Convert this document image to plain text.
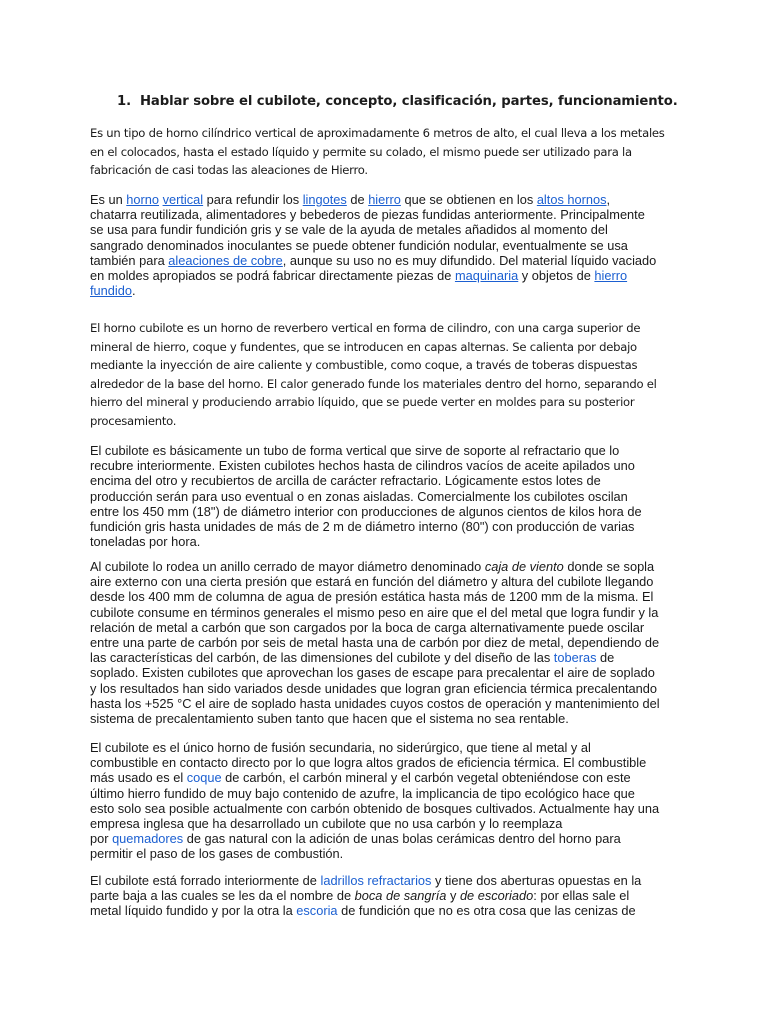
1. Hablar sobre el cubilote, concepto, clasificación, partes, funcionamiento.

Es un tipo de horno cilíndrico vertical de aproximadamente 6 metros de alto, el cual lleva a los metales
en el colocados, hasta el estado líquido y permite su colado, el mismo puede ser utilizado para la
fabricación de casi todas las aleaciones de Hierro.

Es un horno vertical para refundir los lingotes de hierro que se obtienen en los altos hornos,
chatarra reutilizada, alimentadores y bebederos de piezas fundidas anteriormente. Principalmente
se usa para fundir fundición gris y se vale de la ayuda de metales añadidos al momento del
sangrado denominados inoculantes se puede obtener fundición nodular, eventualmente se usa
también para aleaciones de cobre, aunque su uso no es muy difundido. Del material líquido vaciado
en moldes apropiados se podrá fabricar directamente piezas de maquinaria y objetos de hierro
fundido.

El horno cubilote es un horno de reverbero vertical en forma de cilindro, con una carga superior de
mineral de hierro, coque y fundentes, que se introducen en capas alternas. Se calienta por debajo
mediante la inyección de aire caliente y combustible, como coque, a través de toberas dispuestas
alrededor de la base del horno. El calor generado funde los materiales dentro del horno, separando el
hierro del mineral y produciendo arrabio líquido, que se puede verter en moldes para su posterior
procesamiento.

El cubilote es básicamente un tubo de forma vertical que sirve de soporte al refractario que lo
recubre interiormente. Existen cubilotes hechos hasta de cilindros vacíos de aceite apilados uno
encima del otro y recubiertos de arcilla de carácter refractario. Lógicamente estos lotes de
producción serán para uso eventual o en zonas aisladas. Comercialmente los cubilotes oscilan
entre los 450 mm (18") de diámetro interior con producciones de algunos cientos de kilos hora de
fundición gris hasta unidades de más de 2 m de diámetro interno (80") con producción de varias
toneladas por hora.

Al cubilote lo rodea un anillo cerrado de mayor diámetro denominado caja de viento donde se sopla
aire externo con una cierta presión que estará en función del diámetro y altura del cubilote llegando
desde los 400 mm de columna de agua de presión estática hasta más de 1200 mm de la misma. El
cubilote consume en términos generales el mismo peso en aire que el del metal que logra fundir y la
relación de metal a carbón que son cargados por la boca de carga alternativamente puede oscilar
entre una parte de carbón por seis de metal hasta una de carbón por diez de metal, dependiendo de
las características del carbón, de las dimensiones del cubilote y del diseño de las toberas de
soplado. Existen cubilotes que aprovechan los gases de escape para precalentar el aire de soplado
y los resultados han sido variados desde unidades que logran gran eficiencia térmica precalentando
hasta los +525 °C el aire de soplado hasta unidades cuyos costos de operación y mantenimiento del
sistema de precalentamiento suben tanto que hacen que el sistema no sea rentable.

El cubilote es el único horno de fusión secundaria, no siderúrgico, que tiene al metal y al
combustible en contacto directo por lo que logra altos grados de eficiencia térmica. El combustible
más usado es el coque de carbón, el carbón mineral y el carbón vegetal obteniéndose con este
último hierro fundido de muy bajo contenido de azufre, la implicancia de tipo ecológico hace que
esto solo sea posible actualmente con carbón obtenido de bosques cultivados. Actualmente hay una
empresa inglesa que ha desarrollado un cubilote que no usa carbón y lo reemplaza
por quemadores de gas natural con la adición de unas bolas cerámicas dentro del horno para
permitir el paso de los gases de combustión.

El cubilote está forrado interiormente de ladrillos refractarios y tiene dos aberturas opuestas en la
parte baja a las cuales se les da el nombre de boca de sangría y de escoriado: por ellas sale el
metal líquido fundido y por la otra la escoria de fundición que no es otra cosa que las cenizas de
